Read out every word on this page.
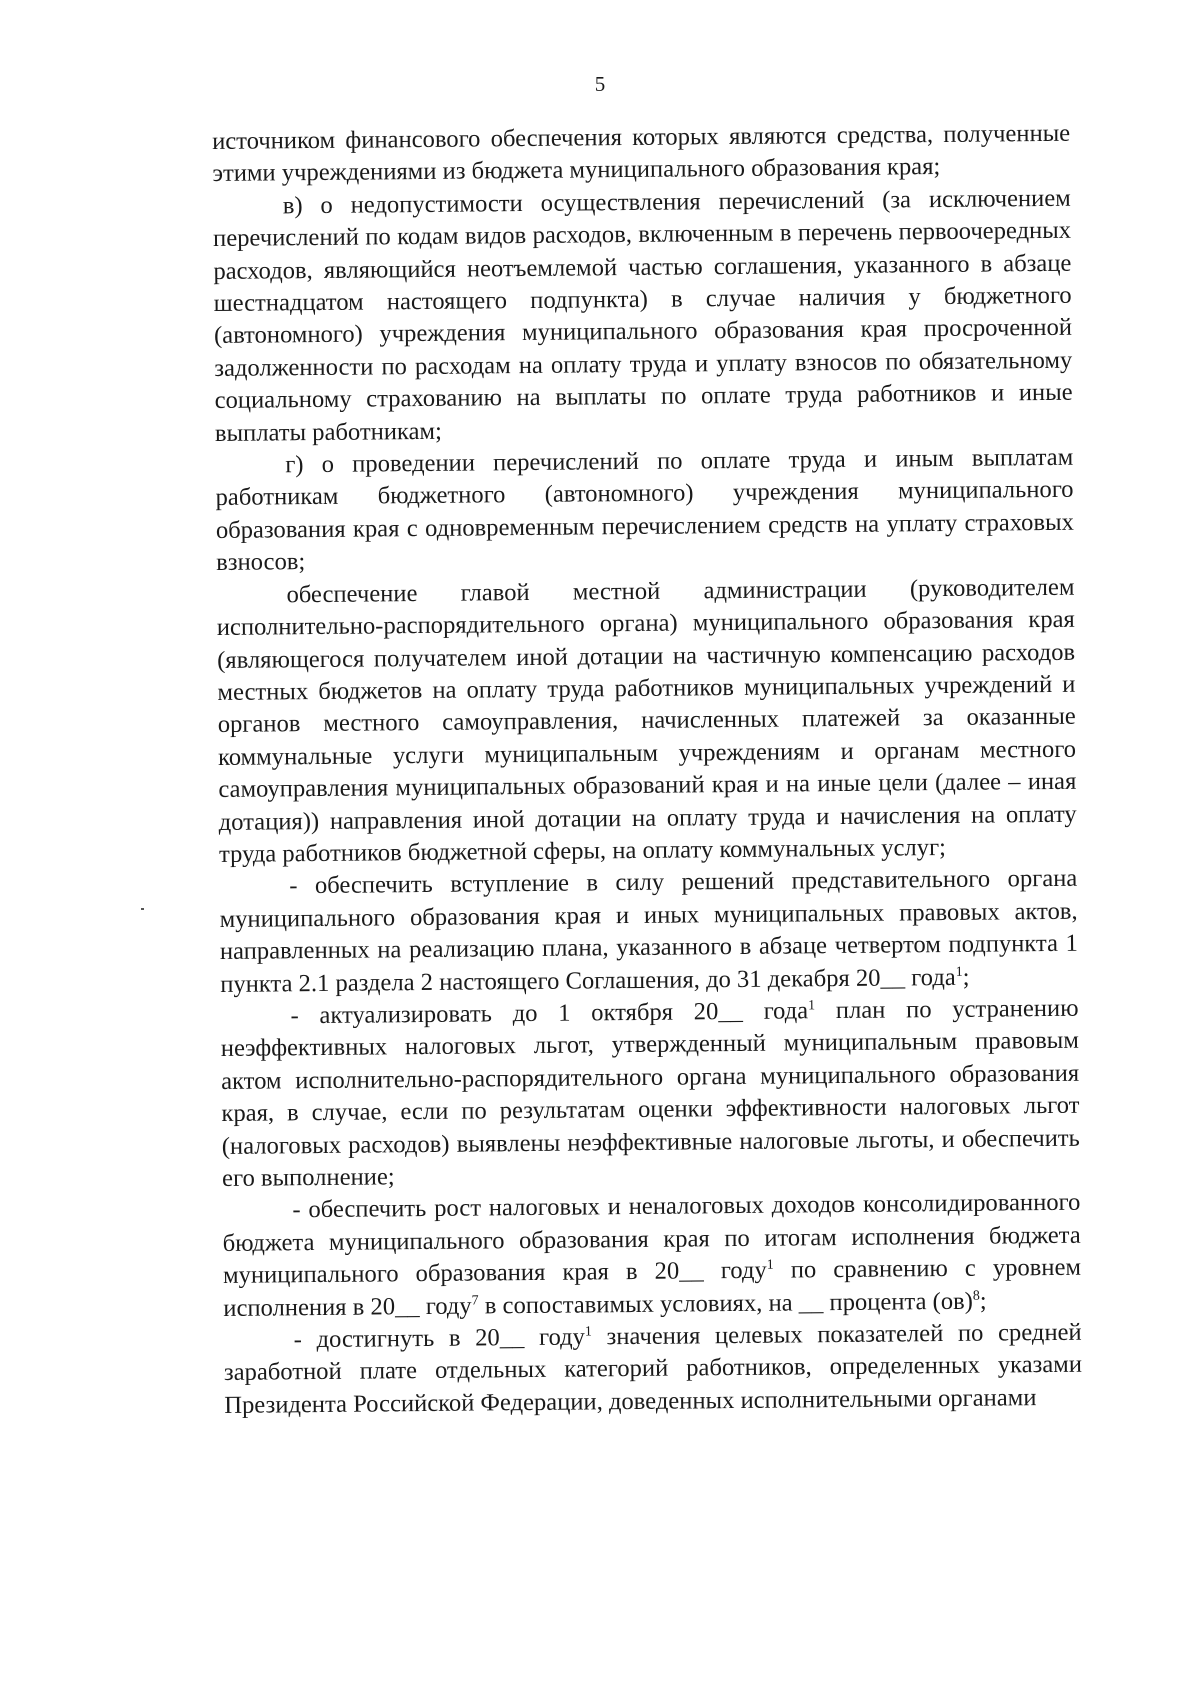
5

источником финансового обеспечения которых являются средства, полученные этими учреждениями из бюджета муниципального образования края;

в) о недопустимости осуществления перечислений (за исключением перечислений по кодам видов расходов, включенным в перечень первоочередных расходов, являющийся неотъемлемой частью соглашения, указанного в абзаце шестнадцатом настоящего подпункта) в случае наличия у бюджетного (автономного) учреждения муниципального образования края просроченной задолженности по расходам на оплату труда и уплату взносов по обязательному социальному страхованию на выплаты по оплате труда работников и иные выплаты работникам;

г) о проведении перечислений по оплате труда и иным выплатам работникам бюджетного (автономного) учреждения муниципального образования края с одновременным перечислением средств на уплату страховых взносов;

обеспечение главой местной администрации (руководителем исполнительно-распорядительного органа) муниципального образования края (являющегося получателем иной дотации на частичную компенсацию расходов местных бюджетов на оплату труда работников муниципальных учреждений и органов местного самоуправления, начисленных платежей за оказанные коммунальные услуги муниципальным учреждениям и органам местного самоуправления муниципальных образований края и на иные цели (далее – иная дотация)) направления иной дотации на оплату труда и начисления на оплату труда работников бюджетной сферы, на оплату коммунальных услуг;

- обеспечить вступление в силу решений представительного органа муниципального образования края и иных муниципальных правовых актов, направленных на реализацию плана, указанного в абзаце четвертом подпункта 1 пункта 2.1 раздела 2 настоящего Соглашения, до 31 декабря 20__ года$^1$;

- актуализировать до 1 октября 20__ года$^1$ план по устранению неэффективных налоговых льгот, утвержденный муниципальным правовым актом исполнительно-распорядительного органа муниципального образования края, в случае, если по результатам оценки эффективности налоговых льгот (налоговых расходов) выявлены неэффективные налоговые льготы, и обеспечить его выполнение;

- обеспечить рост налоговых и неналоговых доходов консолидированного бюджета муниципального образования края по итогам исполнения бюджета муниципального образования края в 20__ году$^1$ по сравнению с уровнем исполнения в 20__ году$^7$ в сопоставимых условиях, на __ процента (ов)$^8$;

- достигнуть в 20__ году$^1$ значения целевых показателей по средней заработной плате отдельных категорий работников, определенных указами Президента Российской Федерации, доведенных исполнительными органами
